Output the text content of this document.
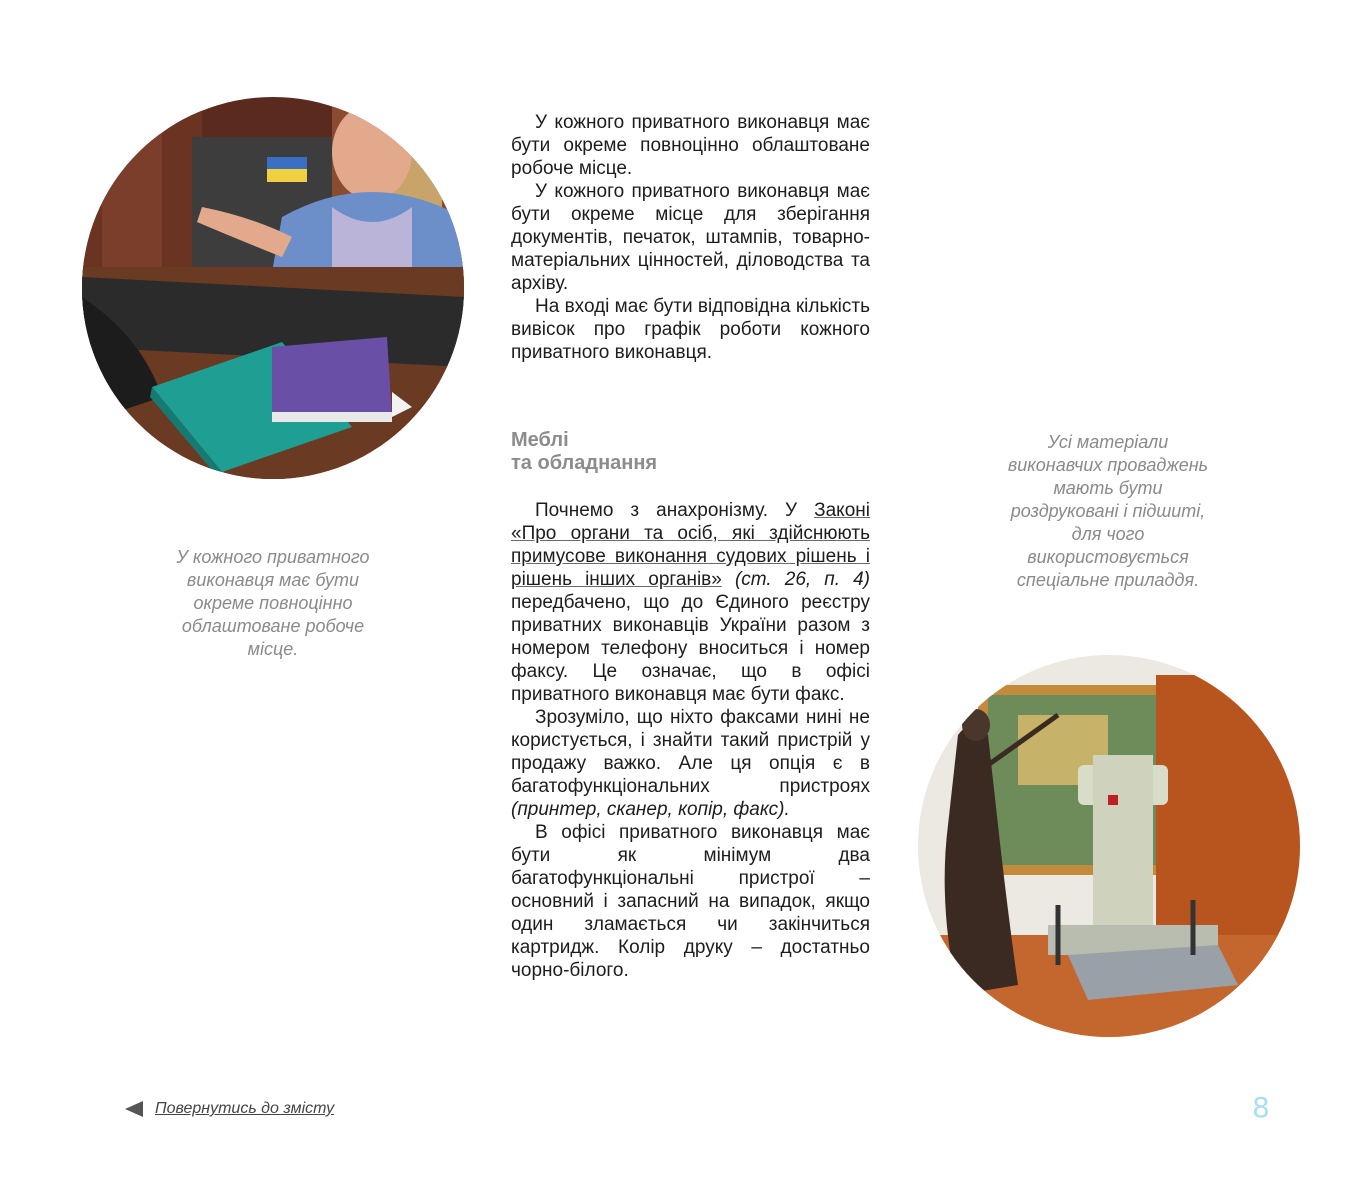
У кожного приватного виконавця має бути окреме повноцінно облаштоване робоче місце.

У кожного приватного виконавця має бути окреме повноцінно облаштоване робоче місце.

У кожного приватного виконавця має бути окреме місце для зберігання документів, печаток, штампів, товарно-матеріальних цінностей, діловодства та архіву.

На вході має бути відповідна кількість вивісок про графік роботи кожного приватного виконавця.

Меблі
та обладнання

Почнемо з анахронізму. У Законі «Про органи та осіб, які здійснюють примусове виконання судових рішень і рішень інших органів» (ст. 26, п. 4) передбачено, що до Єдиного реєстру приватних виконавців України разом з номером телефону вноситься і номер факсу. Це означає, що в офісі приватного виконавця має бути факс.

Зрозуміло, що ніхто факсами нині не користується, і знайти такий пристрій у продажу важко. Але ця опція є в багатофункціональних пристроях (принтер, сканер, копір, факс).

В офісі приватного виконавця має бути як мінімум два багатофункціональні пристрої – основний і запасний на випадок, якщо один зламається чи закінчиться картридж. Колір друку – достатньо чорно-білого.

Усі матеріали виконавчих проваджень мають бути роздруковані і підшиті, для чого використовується спеціальне приладдя.
Повернутись до змісту	8
